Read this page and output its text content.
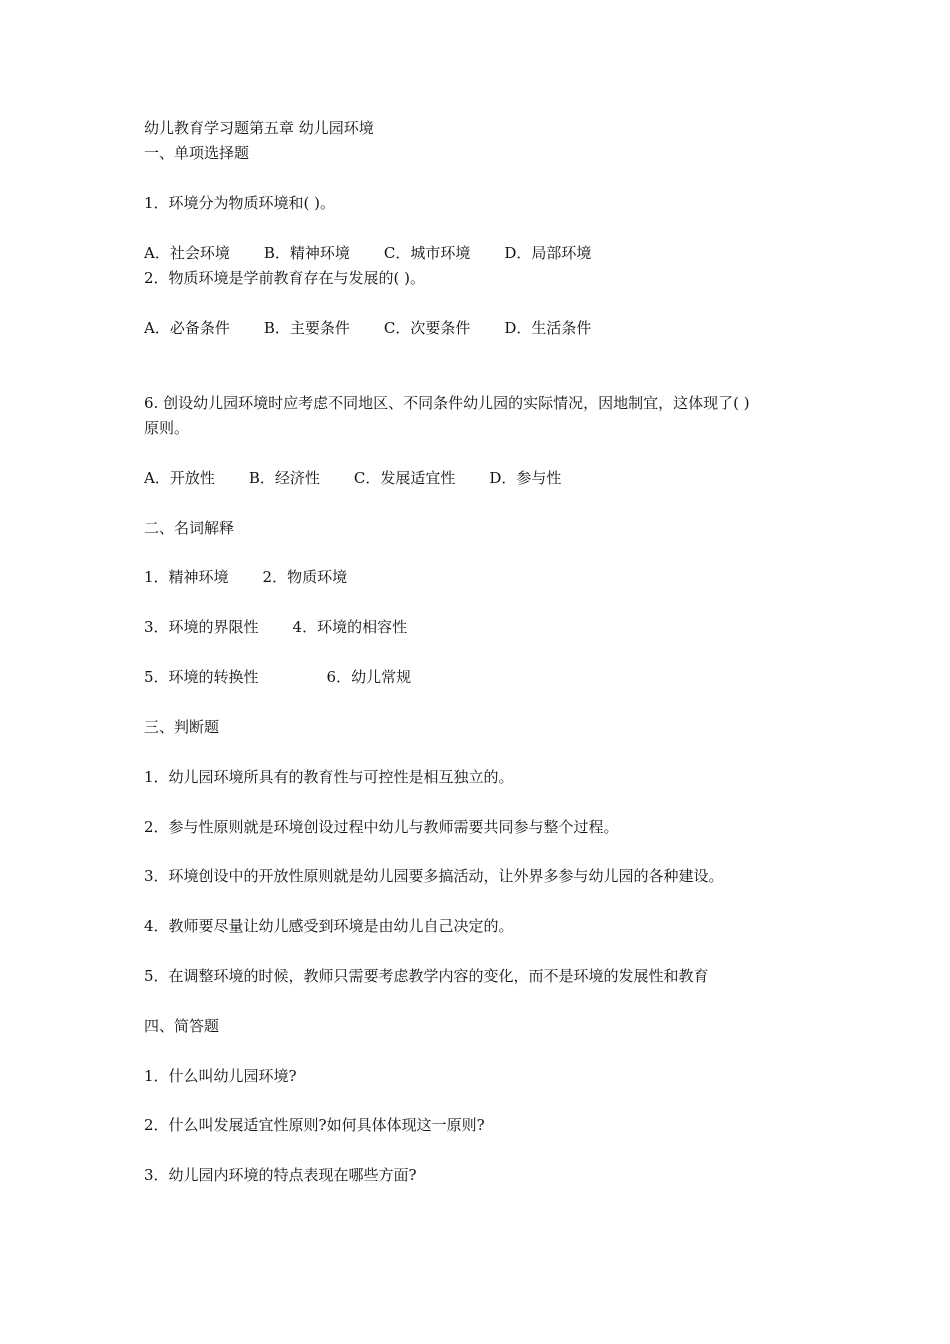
幼儿教育学习题第五章 幼儿园环境
一、单项选择题
1．环境分为物质环境和( )。
A．社会环境 B．精神环境 C．城市环境 D．局部环境
2．物质环境是学前教育存在与发展的( )。
A．必备条件 B．主要条件 C．次要条件 D．生活条件
6. 创设幼儿园环境时应考虑不同地区、不同条件幼儿园的实际情况，因地制宜，这体现了( )
原则。
A．开放性 B．经济性 C．发展适宜性 D．参与性
二、名词解释
1．精神环境 2．物质环境
3．环境的界限性 4．环境的相容性
5．环境的转换性	6．幼儿常规
三、判断题
1．幼儿园环境所具有的教育性与可控性是相互独立的。
2．参与性原则就是环境创设过程中幼儿与教师需要共同参与整个过程。
3．环境创设中的开放性原则就是幼儿园要多搞活动，让外界多参与幼儿园的各种建设。
4．教师要尽量让幼儿感受到环境是由幼儿自己决定的。
5．在调整环境的时候，教师只需要考虑教学内容的变化，而不是环境的发展性和教育
四、简答题
1．什么叫幼儿园环境?
2．什么叫发展适宜性原则?如何具体体现这一原则?
3．幼儿园内环境的特点表现在哪些方面?
